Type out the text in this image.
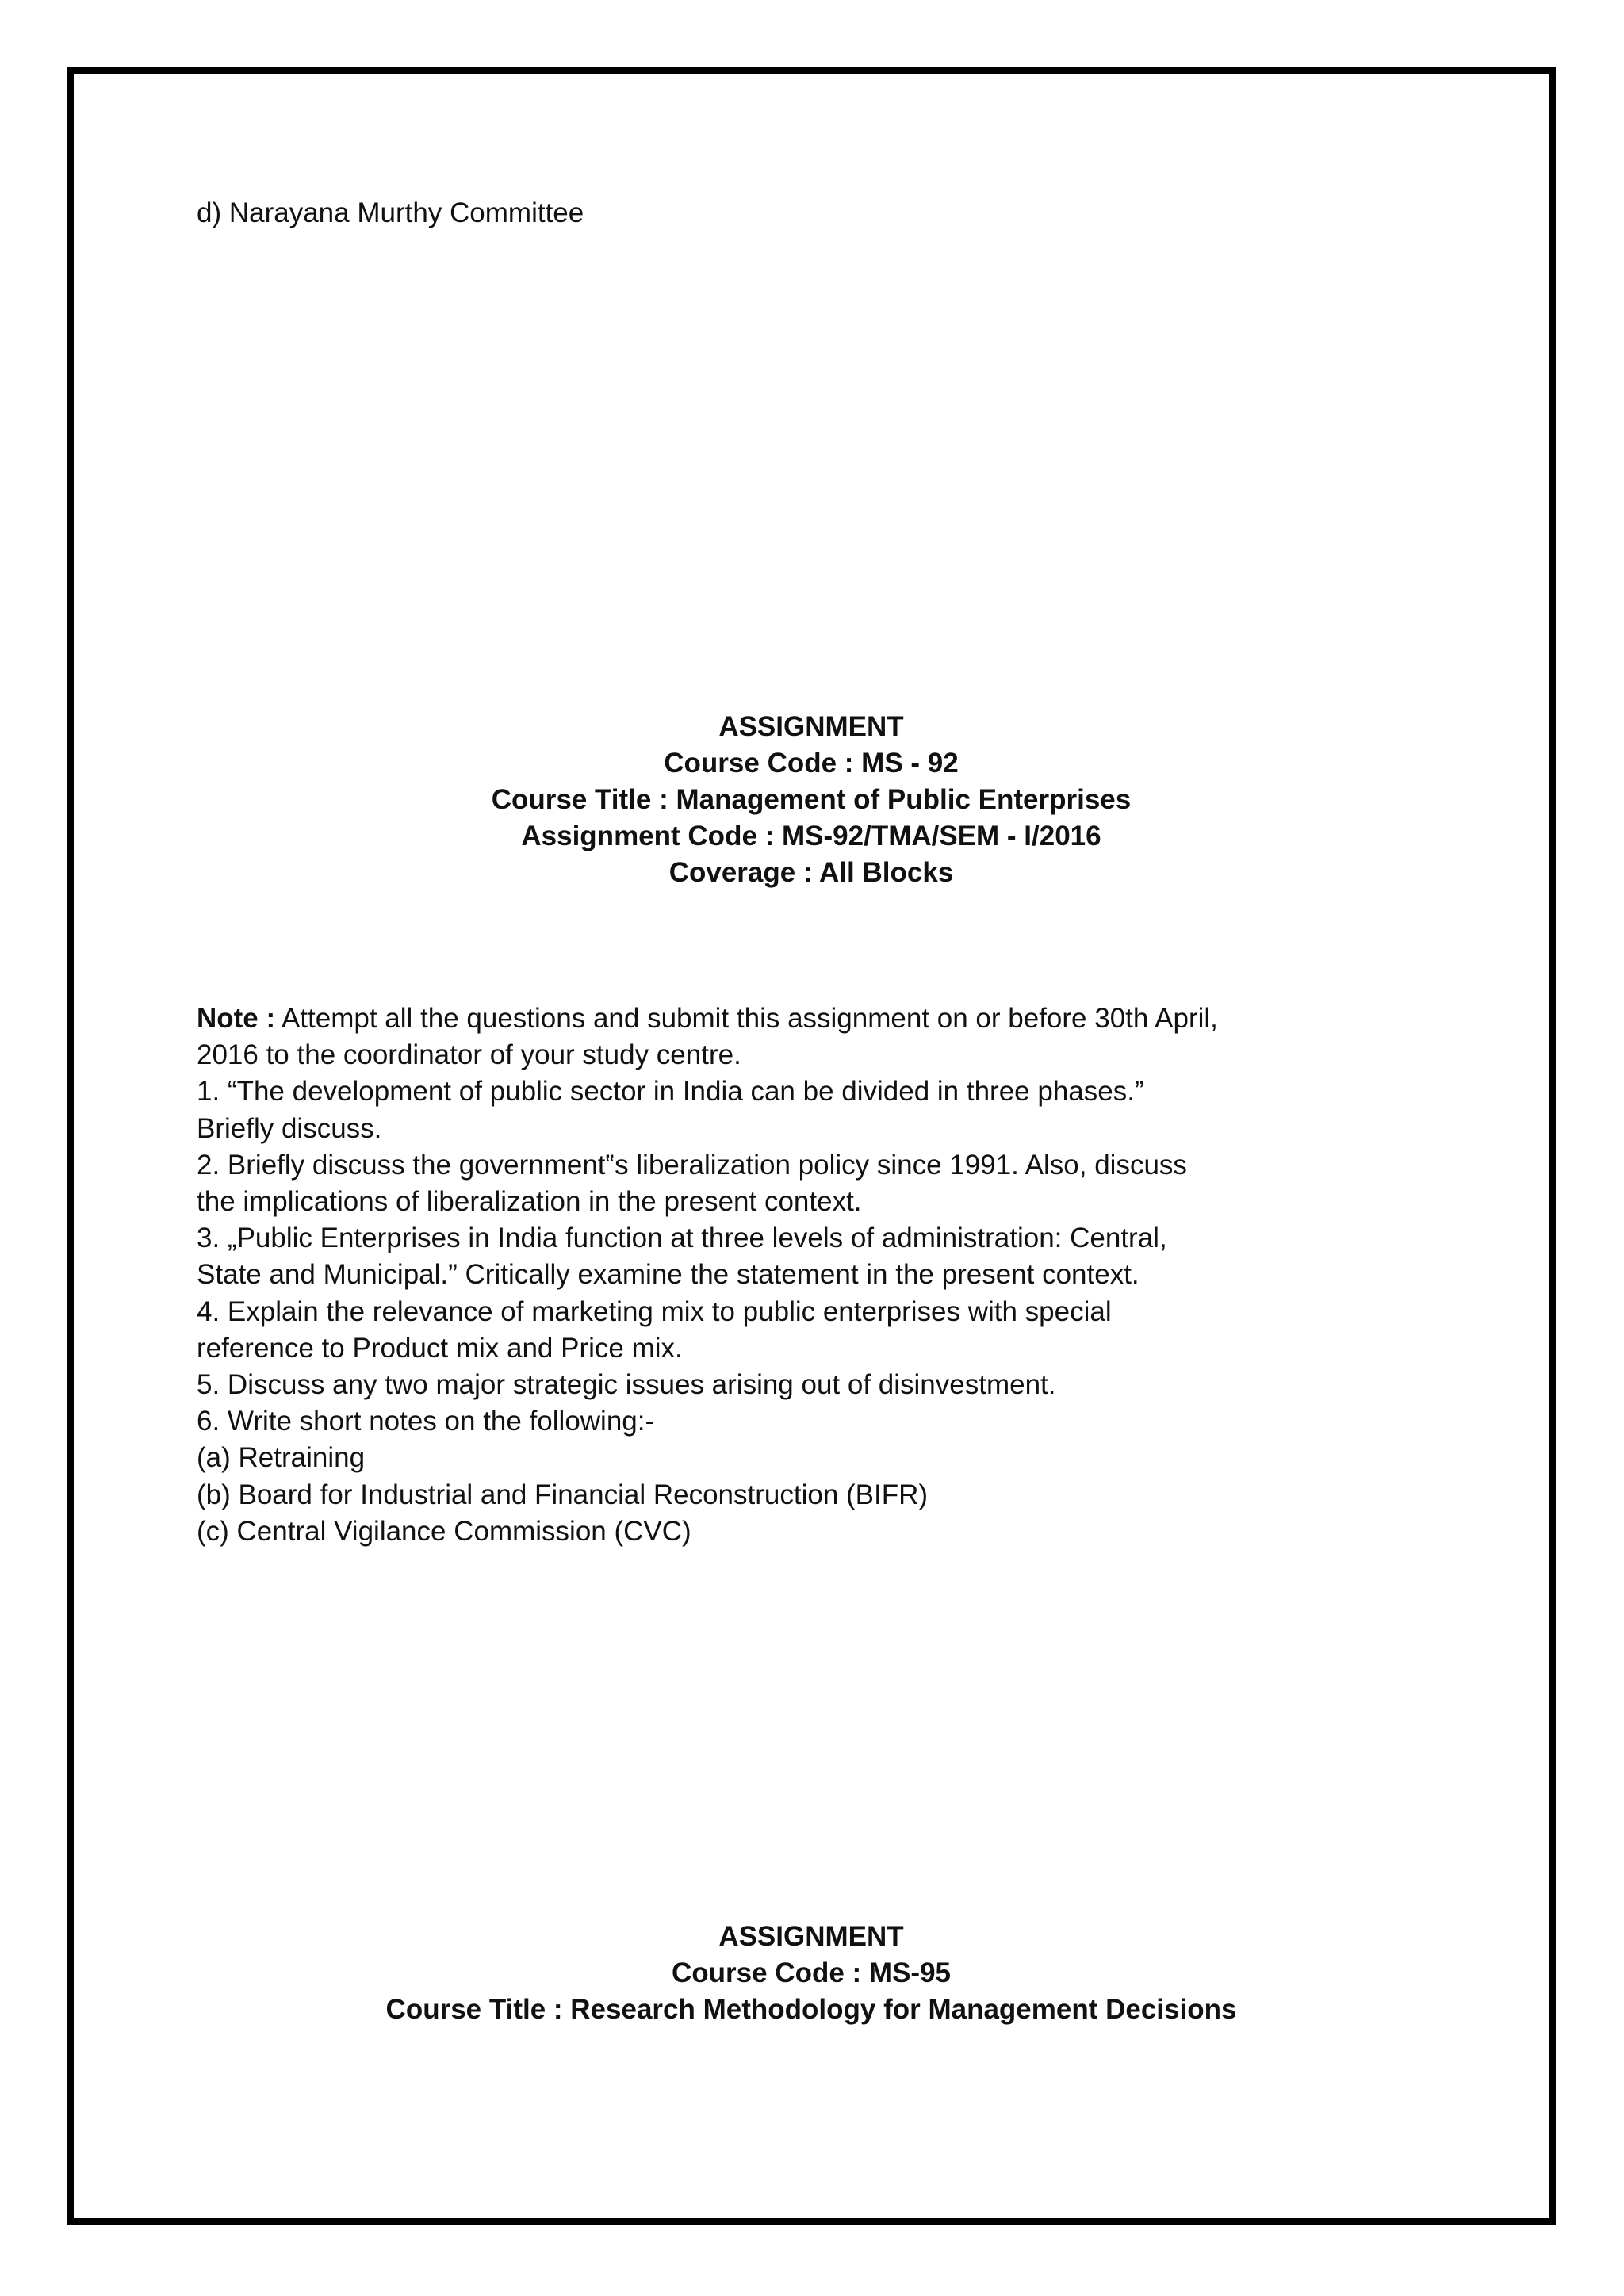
d) Narayana Murthy Committee
ASSIGNMENT
Course Code : MS - 92
Course Title : Management of Public Enterprises
Assignment Code : MS-92/TMA/SEM - I/2016
Coverage : All Blocks
Note : Attempt all the questions and submit this assignment on or before 30th April,
2016 to the coordinator of your study centre.
1. “The development of public sector in India can be divided in three phases.”
Briefly discuss.
2. Briefly discuss the government‟s liberalization policy since 1991. Also, discuss
the implications of liberalization in the present context.
3. „Public Enterprises in India function at three levels of administration: Central,
State and Municipal.” Critically examine the statement in the present context.
4. Explain the relevance of marketing mix to public enterprises with special
reference to Product mix and Price mix.
5. Discuss any two major strategic issues arising out of disinvestment.
6. Write short notes on the following:-
(a) Retraining
(b) Board for Industrial and Financial Reconstruction (BIFR)
(c) Central Vigilance Commission (CVC)
ASSIGNMENT
Course Code : MS-95
Course Title : Research Methodology for Management Decisions
